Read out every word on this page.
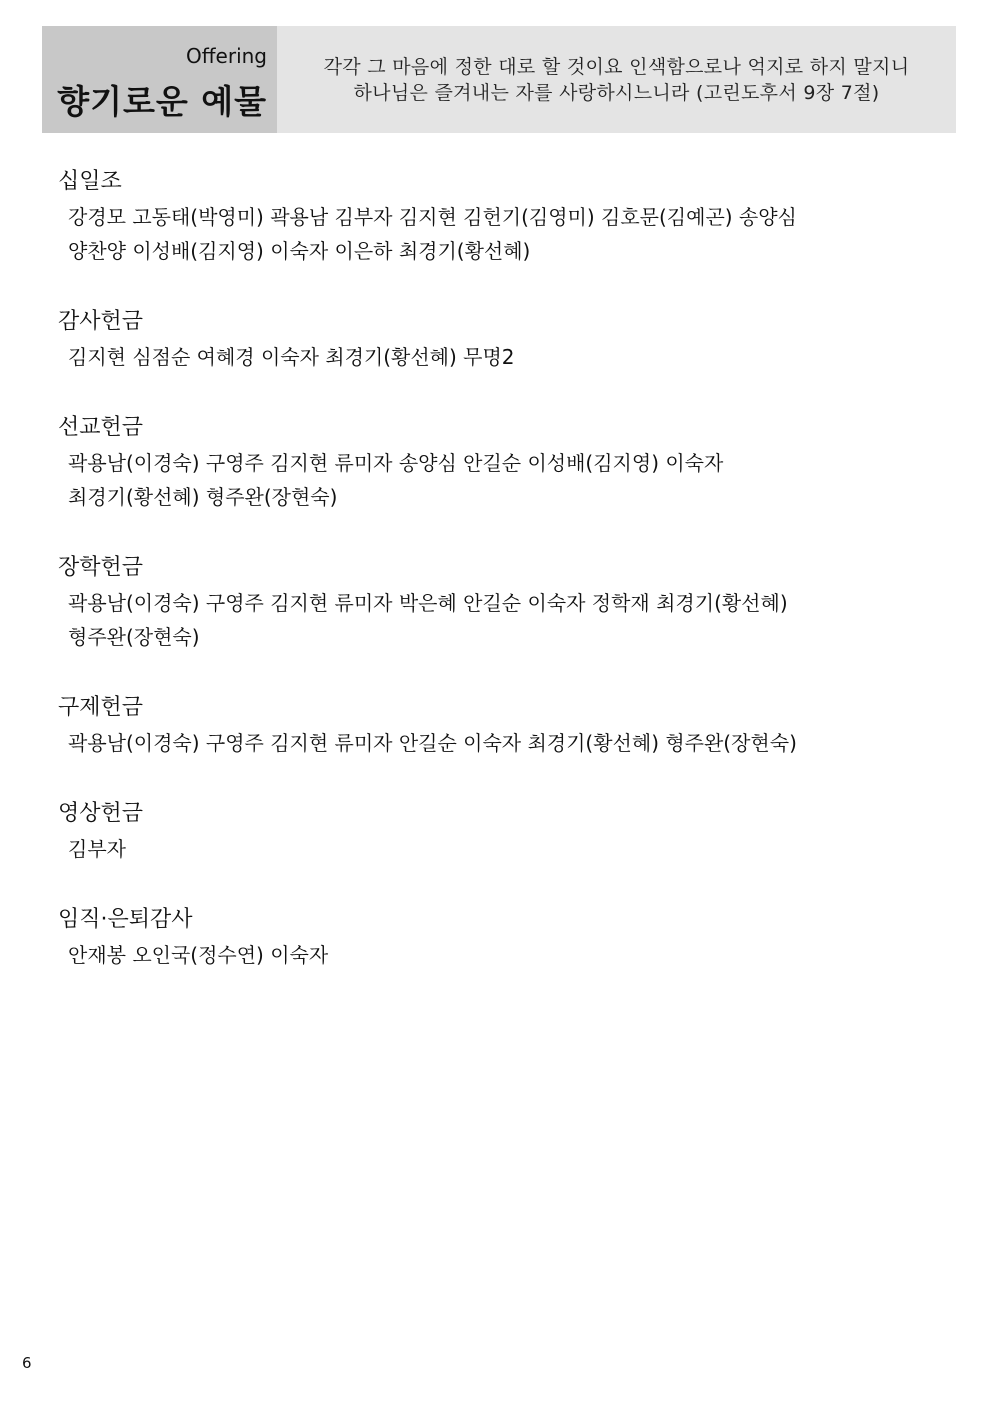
Offering
향기로운 예물
각각 그 마음에 정한 대로 할 것이요 인색함으로나 억지로 하지 말지니
하나님은 즐겨내는 자를 사랑하시느니라 (고린도후서 9장 7절)
십일조
강경모 고동태(박영미) 곽용남 김부자 김지현 김헌기(김영미) 김호문(김예곤) 송양심
양찬양 이성배(김지영) 이숙자 이은하 최경기(황선혜)
감사헌금
김지현 심점순 여혜경 이숙자 최경기(황선혜) 무명2
선교헌금
곽용남(이경숙) 구영주 김지현 류미자 송양심 안길순 이성배(김지영) 이숙자
최경기(황선혜) 형주완(장현숙)
장학헌금
곽용남(이경숙) 구영주 김지현 류미자 박은혜 안길순 이숙자 정학재 최경기(황선혜)
형주완(장현숙)
구제헌금
곽용남(이경숙) 구영주 김지현 류미자 안길순 이숙자 최경기(황선혜) 형주완(장현숙)
영상헌금
김부자
임직·은퇴감사
안재봉 오인국(정수연) 이숙자
6
